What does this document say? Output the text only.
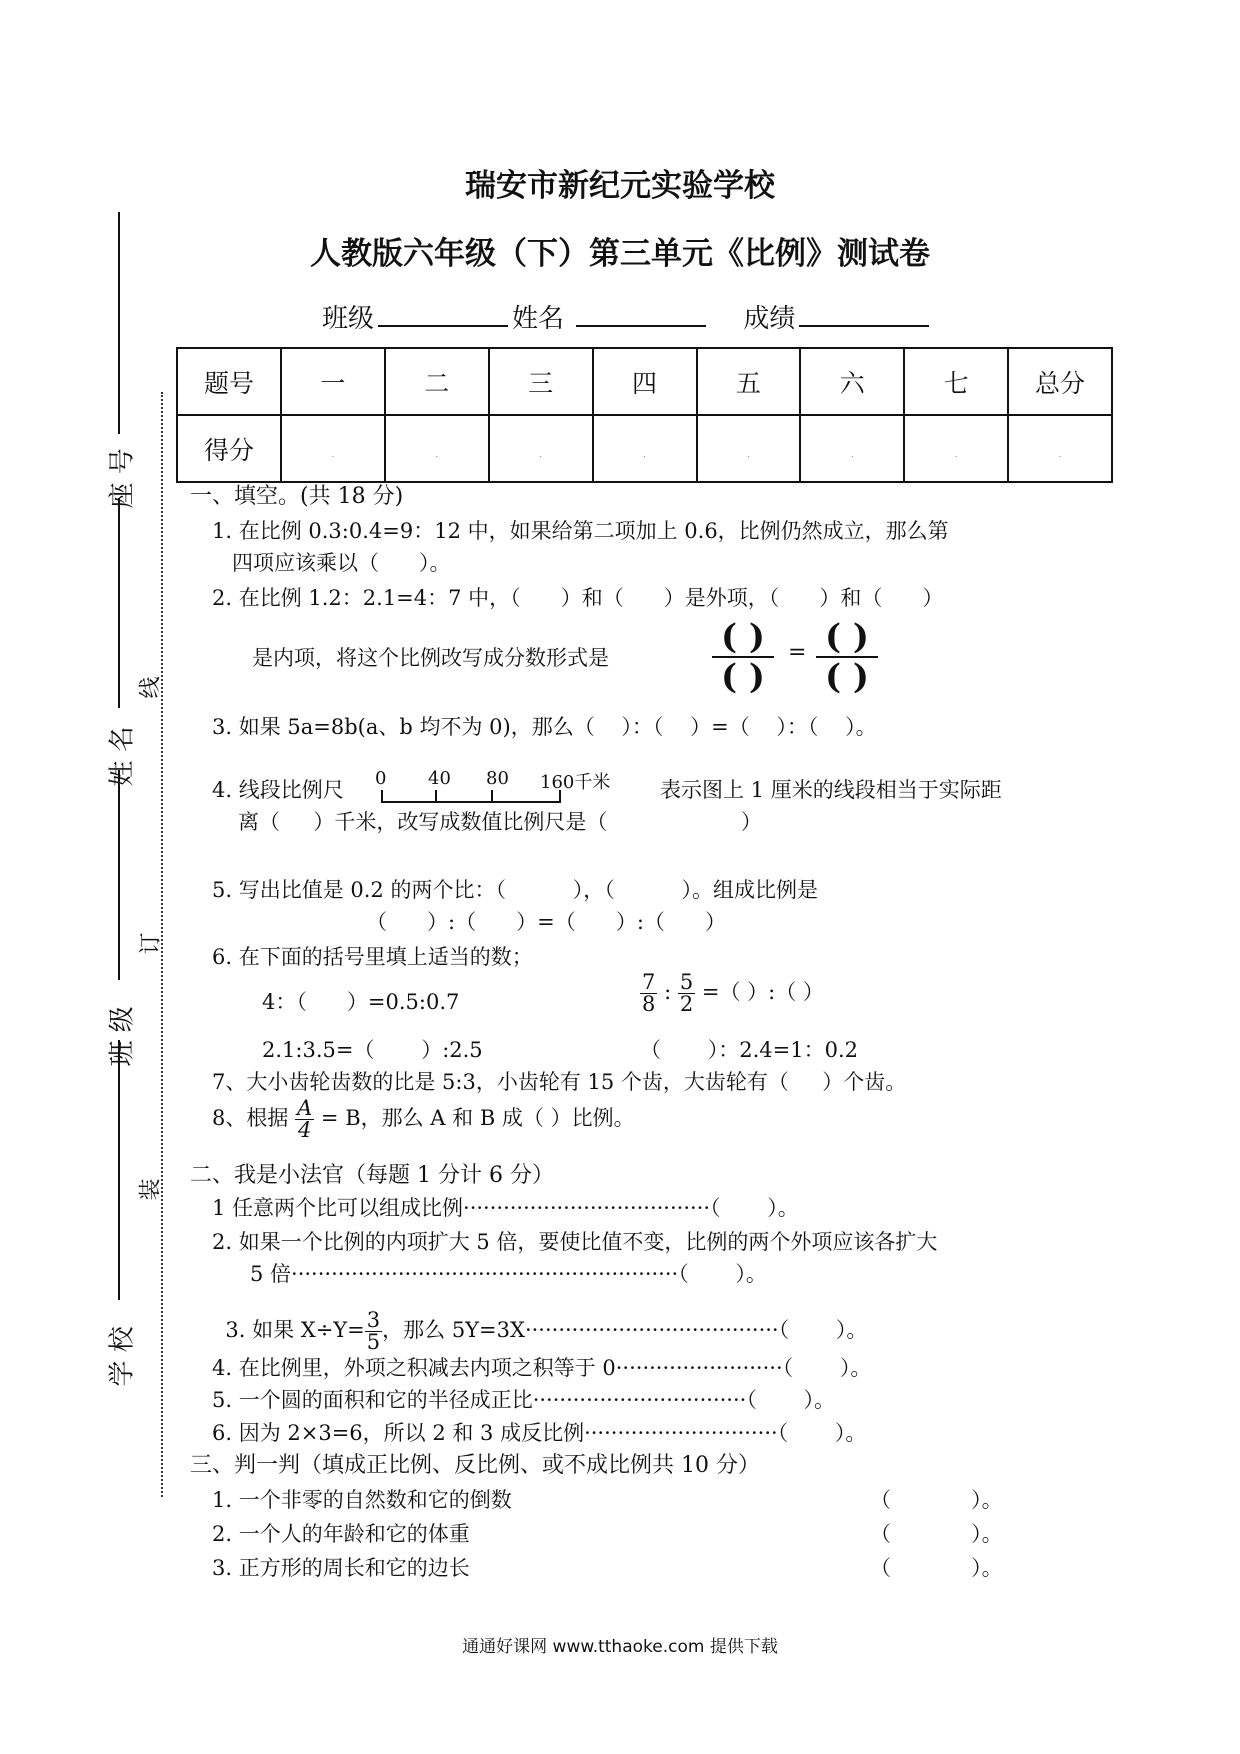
座 号
姓 名
班 级
学 校
线
订
装
瑞安市新纪元实验学校
人教版六年级（下）第三单元《比例》测试卷
班级	姓名	成绩
题号	一	二	三	四	五	六	七	总分
得分	.	.	.	.	.	.	.	.
一、填空。(共 18 分)
1. 在比例 0.3:0.4=9：12 中，如果给第二项加上 0.6，比例仍然成立，那么第
四项应该乘以（      ）。
2. 在比例 1.2：2.1=4：7 中，（      ）和（      ）是外项，（      ）和（      ）
是内项，将这个比例改写成分数形式是
( )
( )
= ( )
( )
3. 如果 5a=8b(a、b 均不为 0)，那么（    ）：（    ）=（    ）：（    ）。
4. 线段比例尺 0 40 80 160千米 表示图上 1 厘米的线段相当于实际距
离（     ）千米，改写成数值比例尺是（                    ）
5. 写出比值是 0.2 的两个比：（          ），（          ）。组成比例是
（      ）:（      ）=（      ）:（      ）
6. 在下面的括号里填上适当的数；
4：（      ）=0.5:0.7	$\frac{7}{8}$ : $\frac{5}{2}$ =（ ）:（ ）
2.1:3.5=（       ）:2.5	（       ）：2.4=1：0.2
7、大小齿轮齿数的比是 5:3，小齿轮有 15 个齿，大齿轮有（     ）个齿。
8、根据 $\frac{A}{4} = B$，那么 A 和 B 成（ ）比例。
二、我是小法官（每题 1 分计 6 分）
1 任意两个比可以组成比例·····································（       ）。
2. 如果一个比例的内项扩大 5 倍，要使比值不变，比例的两个外项应该各扩大
5 倍··························································（       ）。

3. 如果 $X\div Y= \frac{3}{5}$ ，那么 5Y=3X······································（       ）。

4. 在比例里，外项之积减去内项之积等于 0·························（       ）。
5. 一个圆的面积和它的半径成正比································（       ）。
6. 因为 2×3=6，所以 2 和 3 成反比例·····························（       ）。
三、判一判（填成正比例、反比例、或不成比例共 10 分）
1. 一个非零的自然数和它的倒数	（            ）。
2. 一个人的年龄和它的体重	（            ）。
3. 正方形的周长和它的边长	（            ）。
通通好课网 www.tthaoke.com 提供下载
